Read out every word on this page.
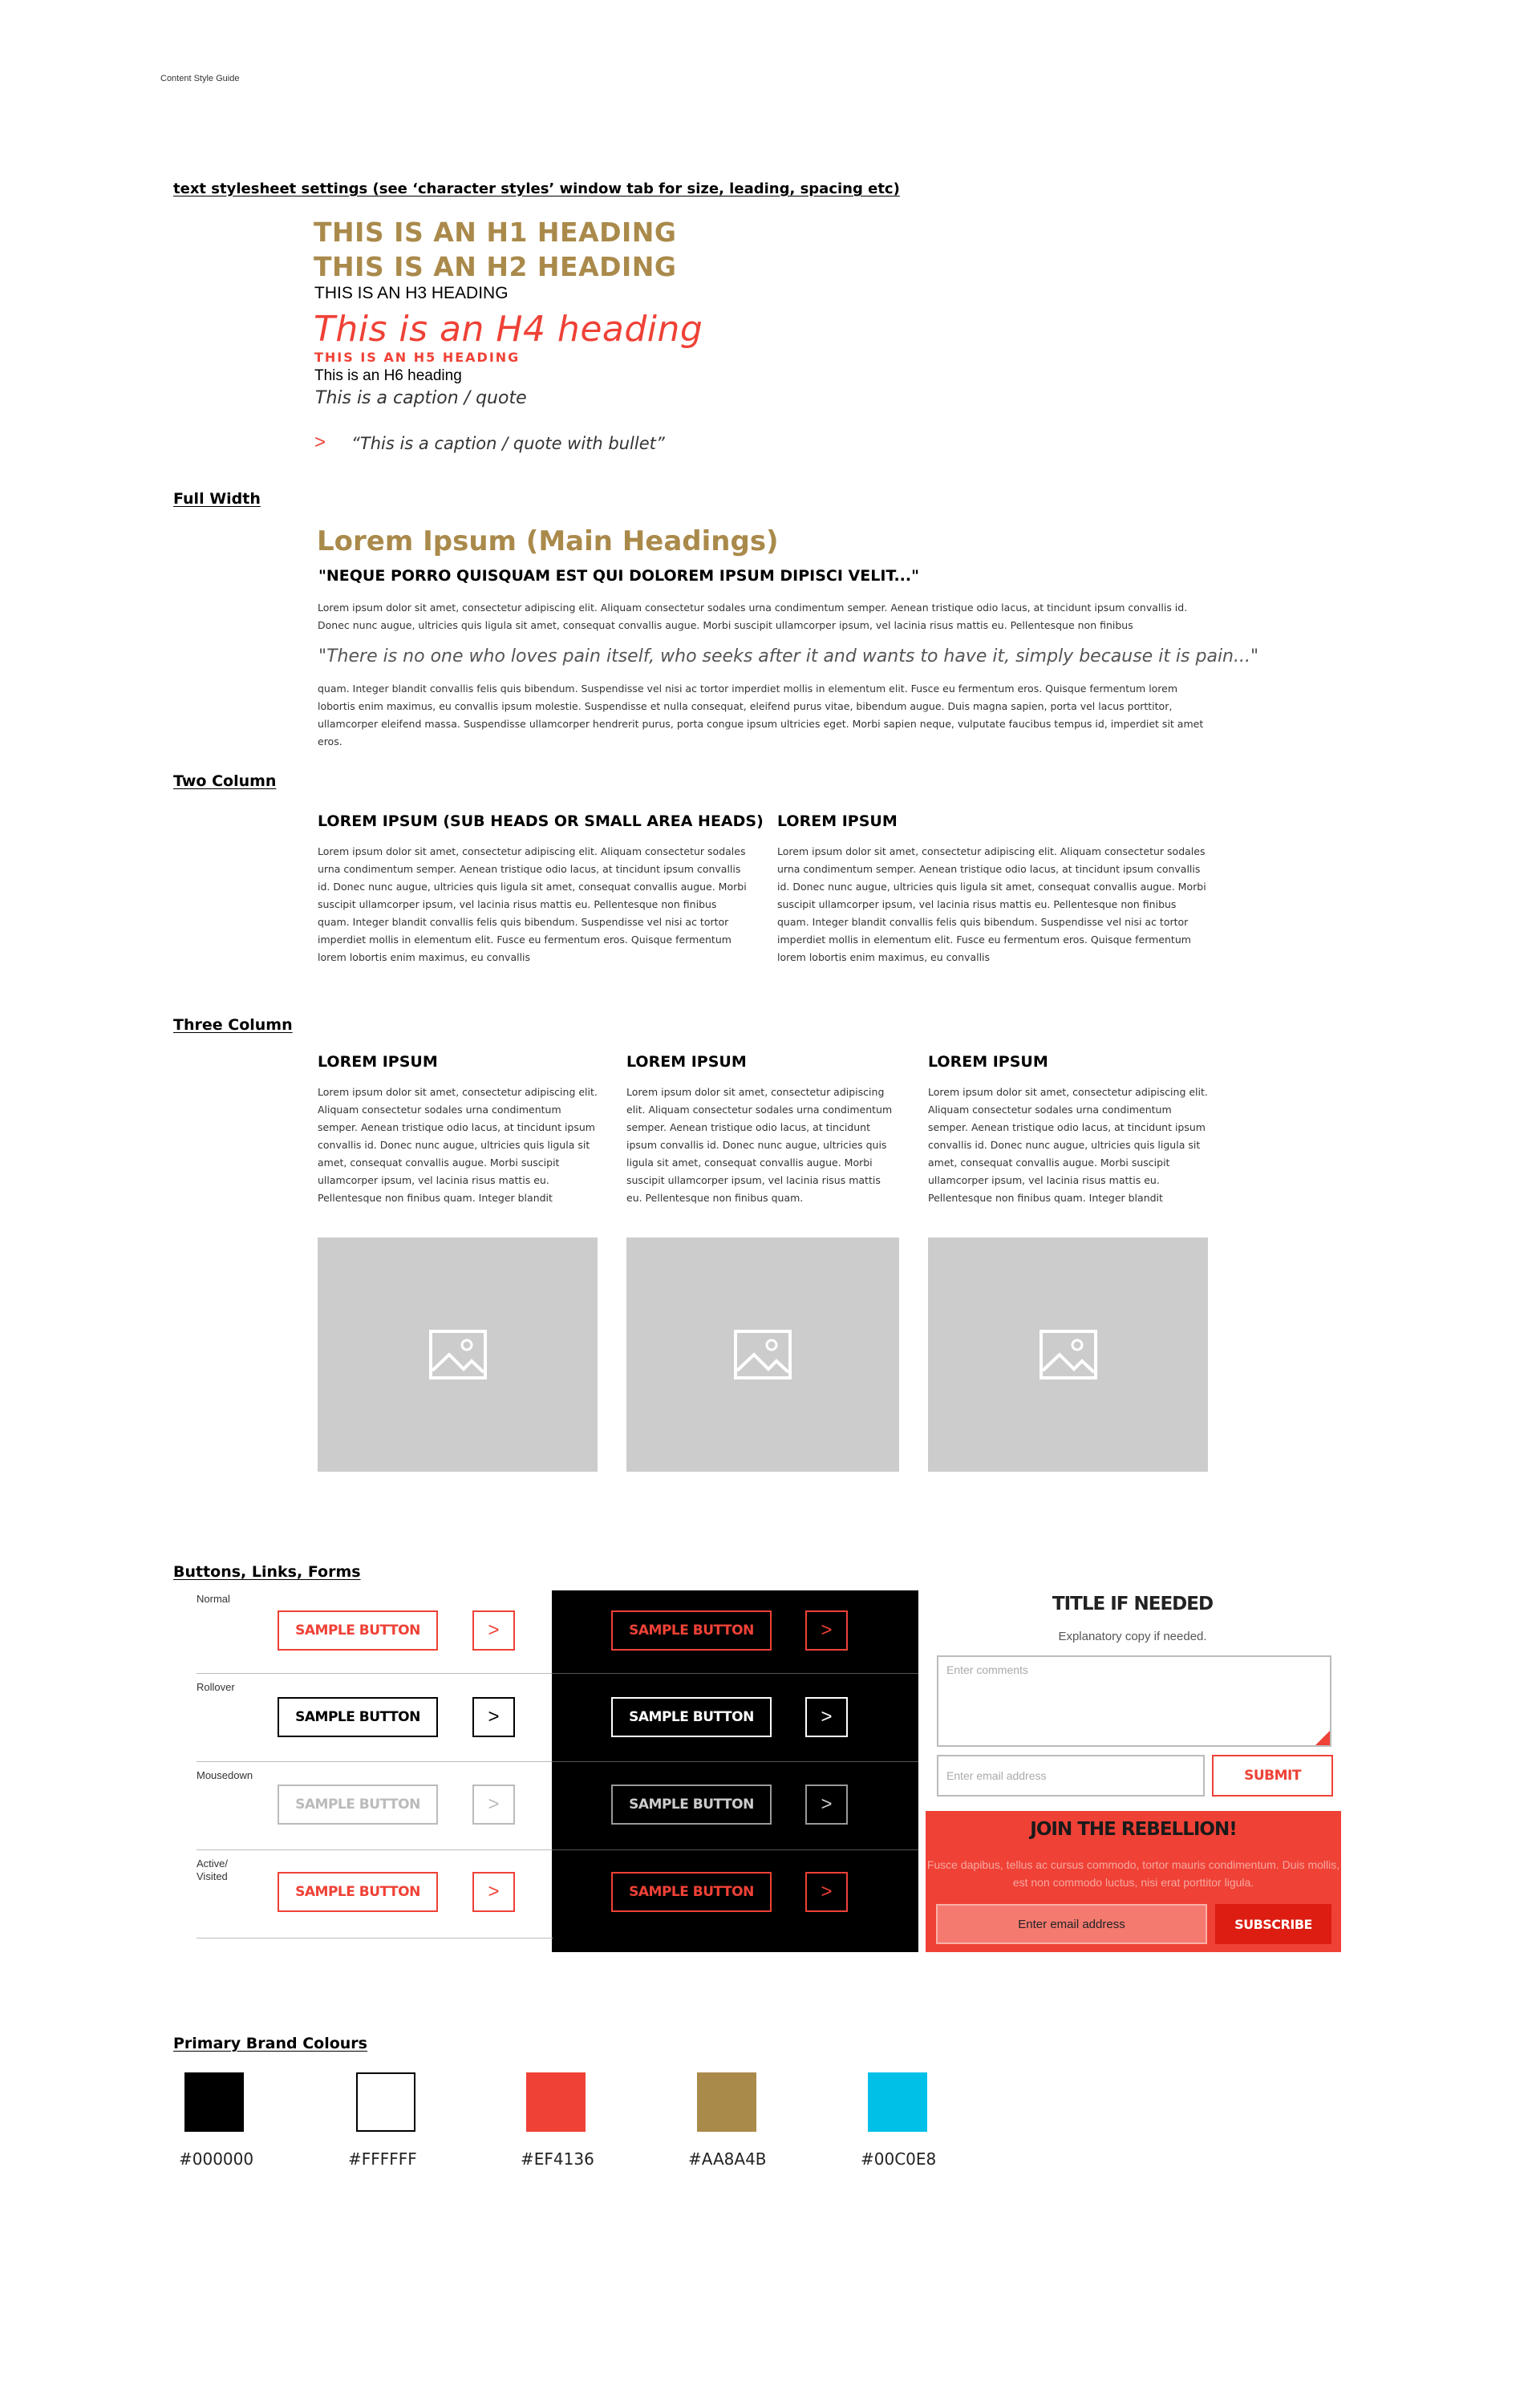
Content Style Guide
text stylesheet settings (see ‘character styles’ window tab for size, leading, spacing etc)
THIS IS AN H1 HEADING
THIS IS AN H2 HEADING
THIS IS AN H3 HEADING
This is an H4 heading
THIS IS AN H5 HEADING
This is an H6 heading
This is a caption / quote
> “This is a caption / quote with bullet”
Full Width
Lorem Ipsum (Main Headings)
"NEQUE PORRO QUISQUAM EST QUI DOLOREM IPSUM DIPISCI VELIT..."
Lorem ipsum dolor sit amet, consectetur adipiscing elit. Aliquam consectetur sodales urna condimentum semper. Aenean tristique odio lacus, at tincidunt ipsum convallis id. Donec nunc augue, ultricies quis ligula sit amet, consequat convallis augue. Morbi suscipit ullamcorper ipsum, vel lacinia risus mattis eu. Pellentesque non finibus
"There is no one who loves pain itself, who seeks after it and wants to have it, simply because it is pain..."
quam. Integer blandit convallis felis quis bibendum. Suspendisse vel nisi ac tortor imperdiet mollis in elementum elit. Fusce eu fermentum eros. Quisque fermentum lorem lobortis enim maximus, eu convallis ipsum molestie. Suspendisse et nulla consequat, eleifend purus vitae, bibendum augue. Duis magna sapien, porta vel lacus porttitor, ullamcorper eleifend massa. Suspendisse ullamcorper hendrerit purus, porta congue ipsum ultricies eget. Morbi sapien neque, vulputate faucibus tempus id, imperdiet sit amet eros.
Two Column
LOREM IPSUM (SUB HEADS OR SMALL AREA HEADS)
Lorem ipsum dolor sit amet, consectetur adipiscing elit. Aliquam consectetur sodales urna condimentum semper. Aenean tristique odio lacus, at tincidunt ipsum convallis id. Donec nunc augue, ultricies quis ligula sit amet, consequat convallis augue. Morbi suscipit ullamcorper ipsum, vel lacinia risus mattis eu. Pellentesque non finibus quam. Integer blandit convallis felis quis bibendum. Suspendisse vel nisi ac tortor imperdiet mollis in elementum elit. Fusce eu fermentum eros. Quisque fermentum lorem lobortis enim maximus, eu convallis
LOREM IPSUM
Lorem ipsum dolor sit amet, consectetur adipiscing elit. Aliquam consectetur sodales urna condimentum semper. Aenean tristique odio lacus, at tincidunt ipsum convallis id. Donec nunc augue, ultricies quis ligula sit amet, consequat convallis augue. Morbi suscipit ullamcorper ipsum, vel lacinia risus mattis eu. Pellentesque non finibus quam. Integer blandit convallis felis quis bibendum. Suspendisse vel nisi ac tortor imperdiet mollis in elementum elit. Fusce eu fermentum eros. Quisque fermentum lorem lobortis enim maximus, eu convallis
Three Column
LOREM IPSUM
Lorem ipsum dolor sit amet, consectetur adipiscing elit. Aliquam consectetur sodales urna condimentum semper. Aenean tristique odio lacus, at tincidunt ipsum convallis id. Donec nunc augue, ultricies quis ligula sit amet, consequat convallis augue. Morbi suscipit ullamcorper ipsum, vel lacinia risus mattis eu. Pellentesque non finibus quam. Integer blandit
LOREM IPSUM
Lorem ipsum dolor sit amet, consectetur adipiscing elit. Aliquam consectetur sodales urna condimentum semper. Aenean tristique odio lacus, at tincidunt ipsum convallis id. Donec nunc augue, ultricies quis ligula sit amet, consequat convallis augue. Morbi suscipit ullamcorper ipsum, vel lacinia risus mattis eu. Pellentesque non finibus quam.
LOREM IPSUM
Lorem ipsum dolor sit amet, consectetur adipiscing elit. Aliquam consectetur sodales urna condimentum semper. Aenean tristique odio lacus, at tincidunt ipsum convallis id. Donec nunc augue, ultricies quis ligula sit amet, consequat convallis augue. Morbi suscipit ullamcorper ipsum, vel lacinia risus mattis eu. Pellentesque non finibus quam. Integer blandit
Buttons, Links, Forms
Normal
Rollover
Mousedown
Active/
Visited
SAMPLE BUTTON	>	SAMPLE BUTTON	>
SAMPLE BUTTON	>	SAMPLE BUTTON	>
SAMPLE BUTTON	>	SAMPLE BUTTON	>
SAMPLE BUTTON	>	SAMPLE BUTTON	>
TITLE IF NEEDED
Explanatory copy if needed.
Enter comments
Enter email address	SUBMIT
JOIN THE REBELLION!
Fusce dapibus, tellus ac cursus commodo, tortor mauris condimentum. Duis mollis, est non commodo luctus, nisi erat porttitor ligula.
Enter email address	SUBSCRIBE
Primary Brand Colours
#000000	#FFFFFF	#EF4136	#AA8A4B	#00C0E8
